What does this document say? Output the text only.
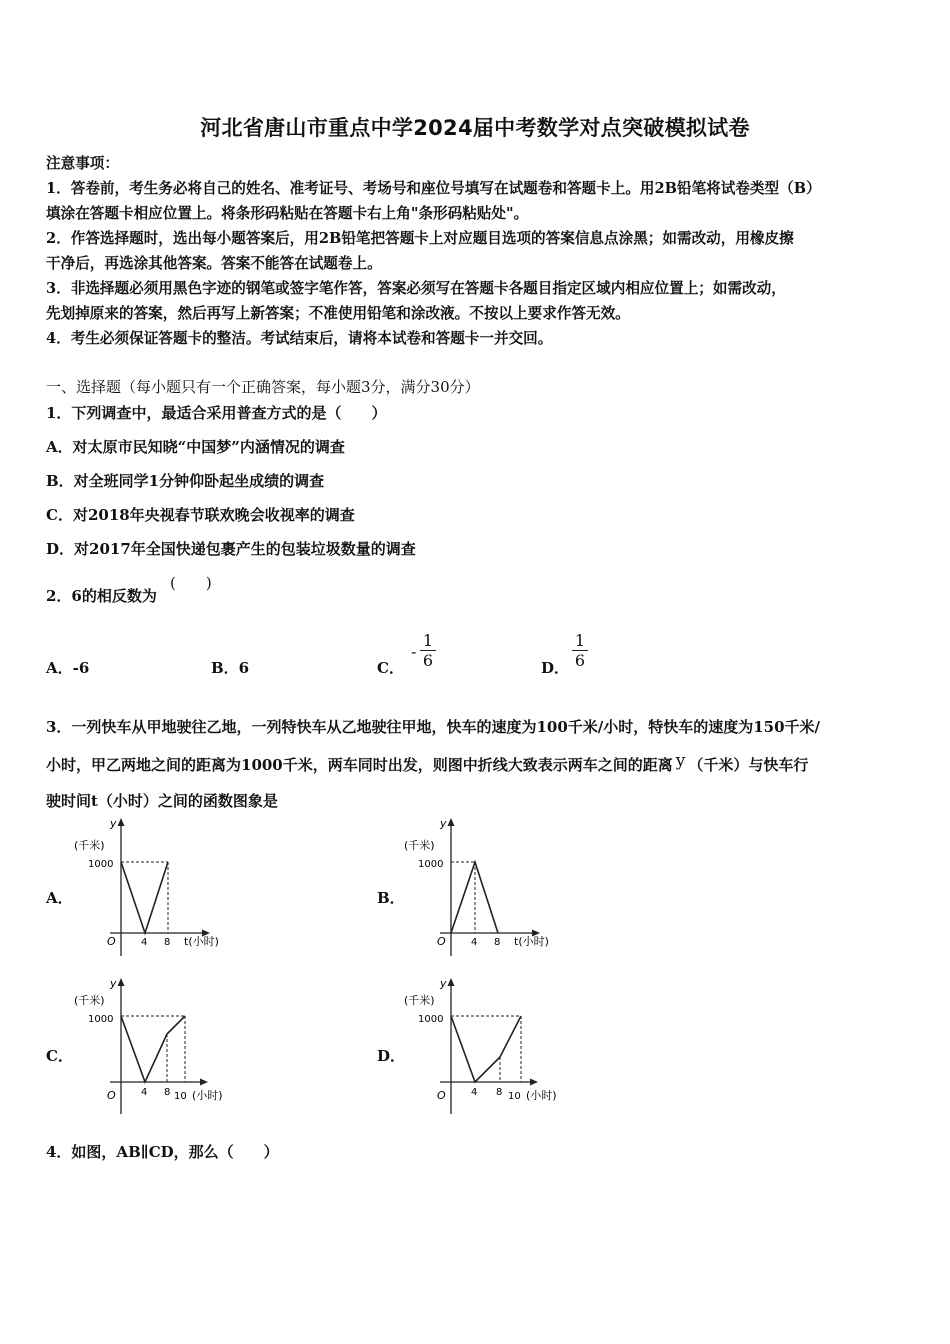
河北省唐山市重点中学2024届中考数学对点突破模拟试卷
注意事项：
1．答卷前，考生务必将自己的姓名、准考证号、考场号和座位号填写在试题卷和答题卡上。用2B铅笔将试卷类型（B）
填涂在答题卡相应位置上。将条形码粘贴在答题卡右上角"条形码粘贴处"。
2．作答选择题时，选出每小题答案后，用2B铅笔把答题卡上对应题目选项的答案信息点涂黑；如需改动，用橡皮擦
干净后，再选涂其他答案。答案不能答在试题卷上。
3．非选择题必须用黑色字迹的钢笔或签字笔作答，答案必须写在答题卡各题目指定区域内相应位置上；如需改动，
先划掉原来的答案，然后再写上新答案；不准使用铅笔和涂改液。不按以上要求作答无效。
4．考生必须保证答题卡的整洁。考试结束后，请将本试卷和答题卡一并交回。
一、选择题（每小题只有一个正确答案，每小题3分，满分30分）
1．下列调查中，最适合采用普查方式的是（　　）
A．对太原市民知晓“中国梦”内涵情况的调查
B．对全班同学1分钟仰卧起坐成绩的调查
C．对2018年央视春节联欢晚会收视率的调查
D．对2017年全国快递包裹产生的包装垃圾数量的调查
2．6的相反数为
(　　)
A．-6	B．6	C．
-
1
6	D．
1
6
3．一列快车从甲地驶往乙地，一列特快车从乙地驶往甲地，快车的速度为100千米/小时，特快车的速度为150千米/
小时，甲乙两地之间的距离为1000千米，两车同时出发，则图中折线大致表示两车之间的距离 y （千米）与快车行
驶时间t（小时）之间的函数图象是
A．
y
(千米)
1000
O	4 8 t(小时)
B．
y
(千米)
1000
O	4 8 t(小时)
C．
y
(千米)
1000
O	4 8 10 (小时)
D．
y
(千米)
1000
O	4 8 10 (小时)
4．如图，AB∥CD，那么（　　）
